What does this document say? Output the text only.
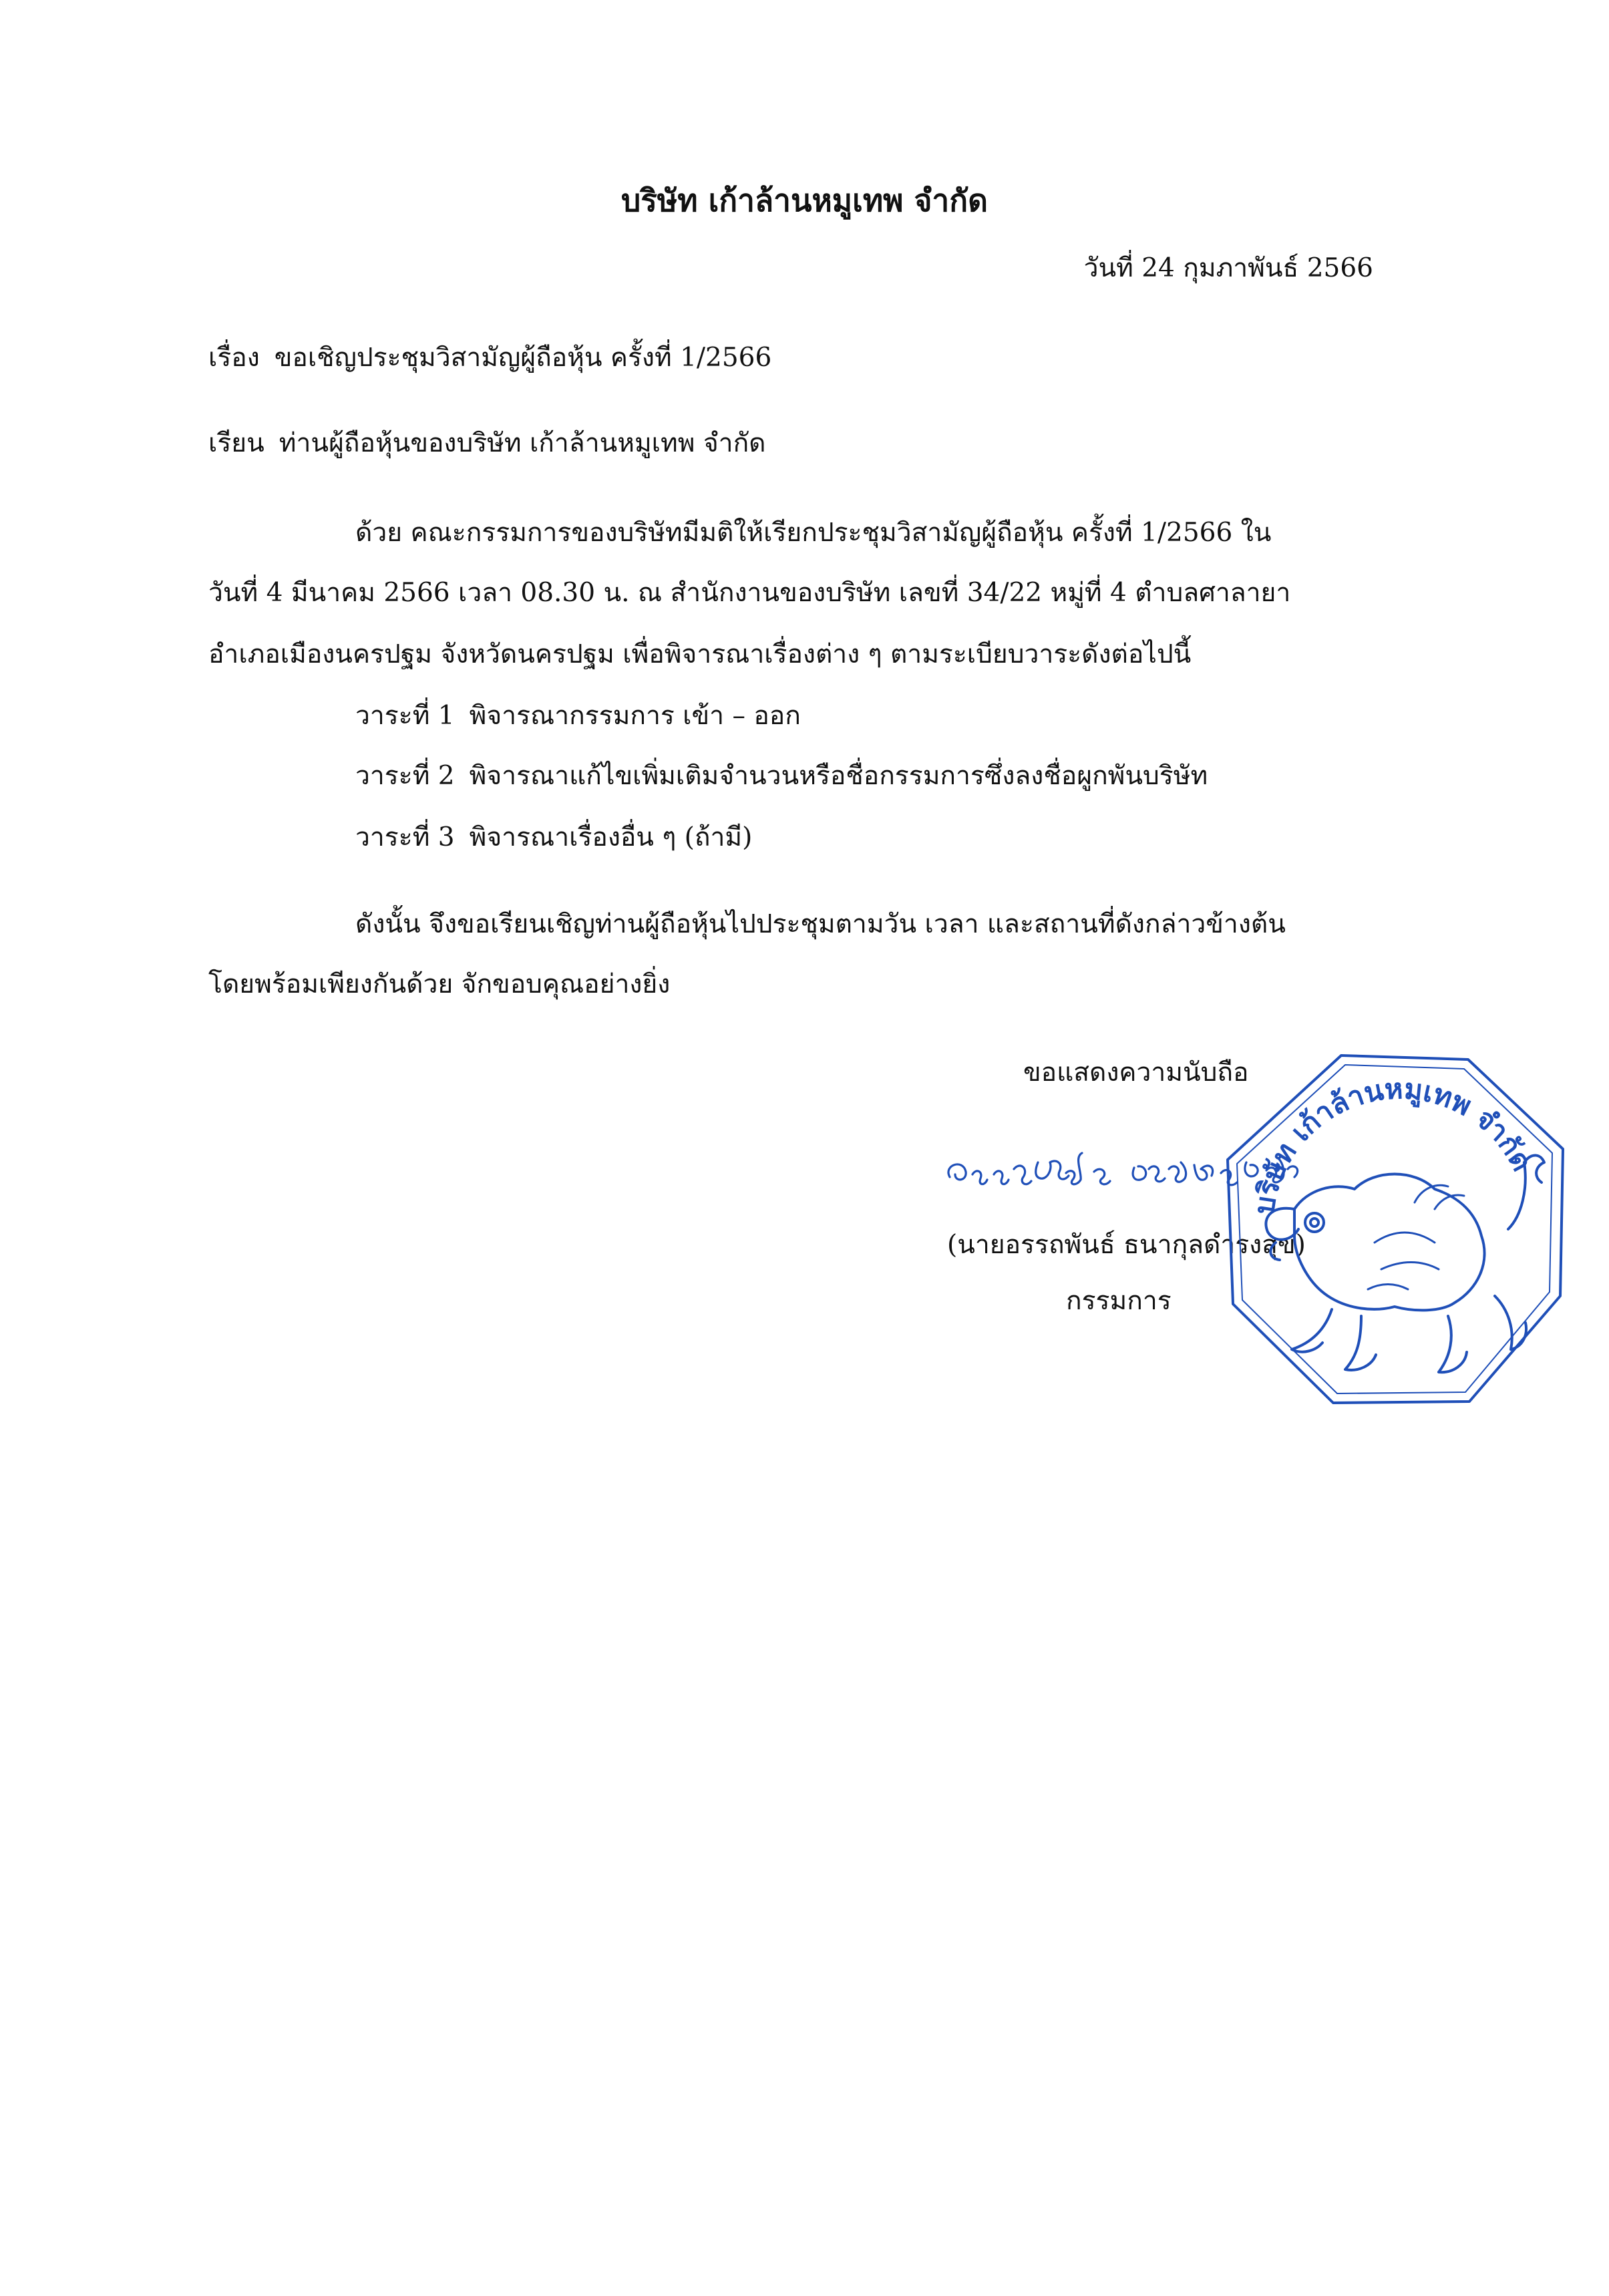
บริษัท เก้าล้านหมูเทพ จำกัด
วันที่ 24 กุมภาพันธ์ 2566
เรื่อง ขอเชิญประชุมวิสามัญผู้ถือหุ้น ครั้งที่ 1/2566
เรียน ท่านผู้ถือหุ้นของบริษัท เก้าล้านหมูเทพ จำกัด
ด้วย คณะกรรมการของบริษัทมีมติให้เรียกประชุมวิสามัญผู้ถือหุ้น ครั้งที่ 1/2566 ใน
วันที่ 4 มีนาคม 2566 เวลา 08.30 น. ณ สำนักงานของบริษัท เลขที่ 34/22 หมู่ที่ 4 ตำบลศาลายา
อำเภอเมืองนครปฐม จังหวัดนครปฐม เพื่อพิจารณาเรื่องต่าง ๆ ตามระเบียบวาระดังต่อไปนี้
วาระที่ 1 พิจารณากรรมการ เข้า – ออก
วาระที่ 2 พิจารณาแก้ไขเพิ่มเติมจำนวนหรือชื่อกรรมการซึ่งลงชื่อผูกพันบริษัท
วาระที่ 3 พิจารณาเรื่องอื่น ๆ (ถ้ามี)
ดังนั้น จึงขอเรียนเชิญท่านผู้ถือหุ้นไปประชุมตามวัน เวลา และสถานที่ดังกล่าวข้างต้น
โดยพร้อมเพียงกันด้วย จักขอบคุณอย่างยิ่ง
ขอแสดงความนับถือ
(นายอรรถพันธ์ ธนากุลดำรงสุข)
กรรมการ
บริษัท เก้าล้านหมูเทพ จำกัด
